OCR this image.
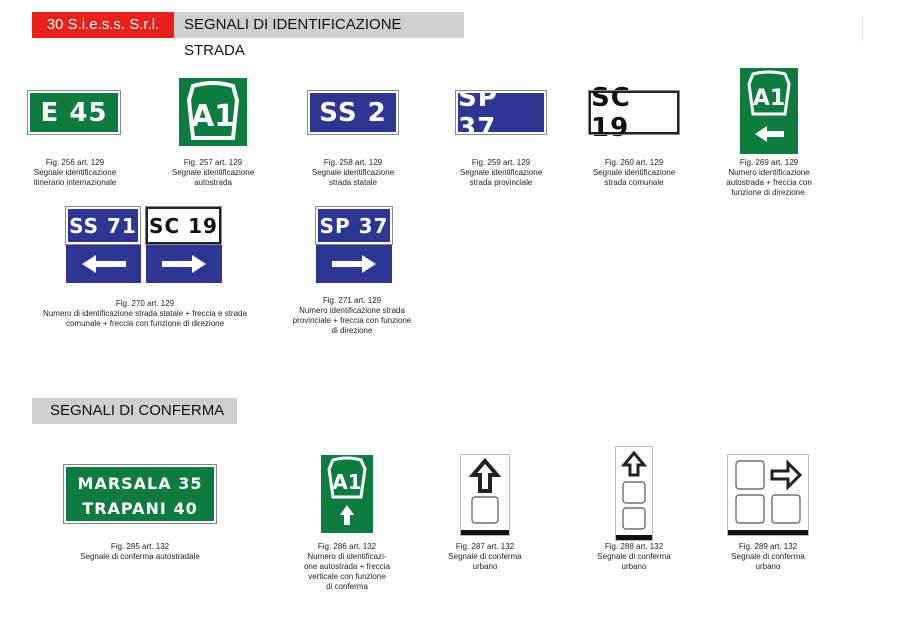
30 S.i.e.s.s. S.r.l.	SEGNALI DI IDENTIFICAZIONE STRADA
E 45	A1	SS 2	SP 37
SC 19
A1
Fig. 256 art. 129
Segnale identificazione
itinerario internazionale
Fig. 257 art. 129
Segnale identificazione
autostrada
Fig. 258 art. 129
Segnale identificazione
strada statale
Fig. 259 art. 129
Segnale identificazione
strada provinciale
Fig. 260 art. 129
Segnale identificazione
strada comunale
Fig. 269 art. 129
Numero identificazione
autostrada + freccia con
funzione di direzione.
SS 71 SC 19	SP 37
Fig. 270 art. 129
Numero di identificazione strada statale + freccia e strada
comunale + freccia con funzione di direzione
Fig. 271 art. 129
Numero identificazione strada
provinciale + freccia con funzione
di direzione
SEGNALI DI CONFERMA
MARSALA 35
TRAPANI 40
A1
Fig. 285 art. 132
Segnale di conferma autostradale
Fig. 286 art. 132
Numero di identificazi-
one autostrada + freccia
verticale con funzione
di conferma
Fig. 287 art. 132
Segnale di conferma
urbano
Fig. 288 art. 132
Segnale di conferma
urbano
Fig. 289 art. 132
Segnale di conferma
urbano
